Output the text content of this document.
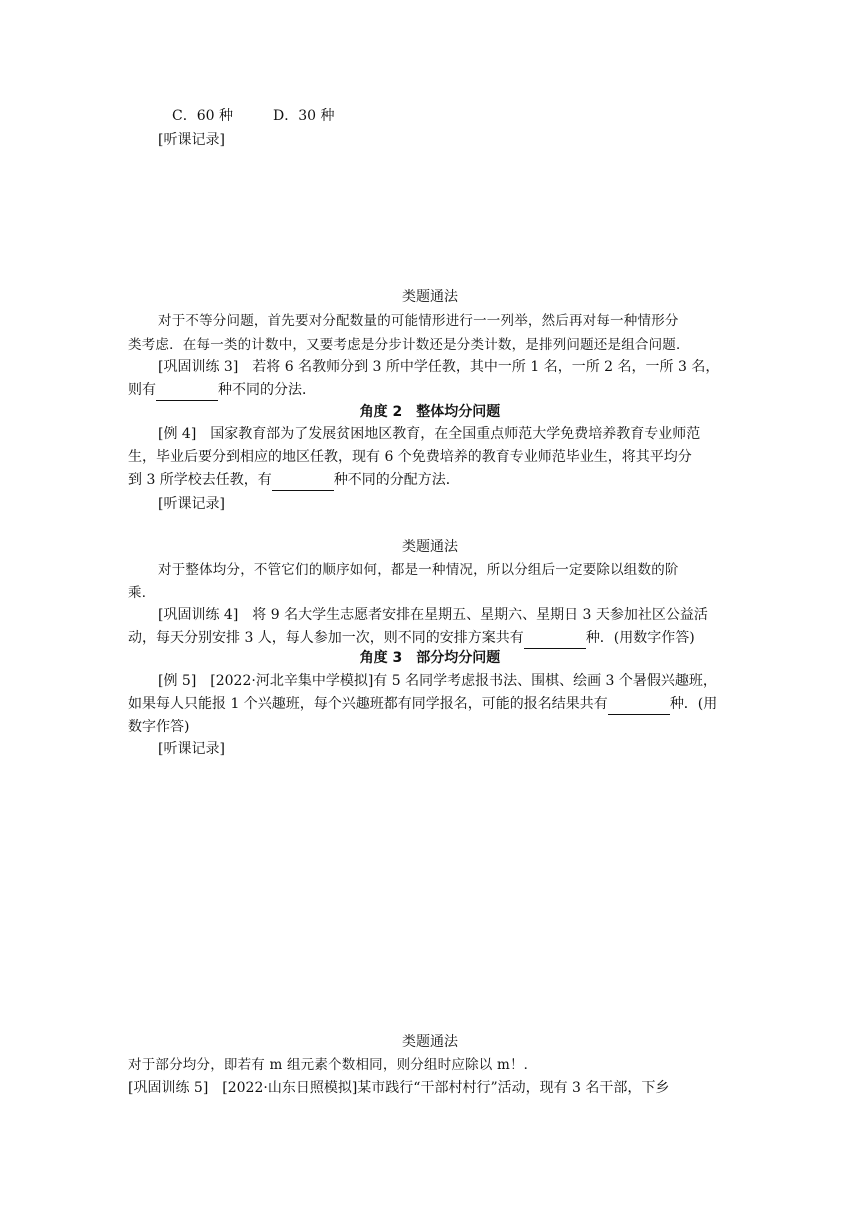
C．60 种	D．30 种
[听课记录]
类题通法
对于不等分问题，首先要对分配数量的可能情形进行一一列举，然后再对每一种情形分
类考虑．在每一类的计数中，又要考虑是分步计数还是分类计数，是排列问题还是组合问题．
[巩固训练 3]　若将 6 名教师分到 3 所中学任教，其中一所 1 名，一所 2 名，一所 3 名，
则有	种不同的分法．
角度 2　整体均分问题
[例 4]　国家教育部为了发展贫困地区教育，在全国重点师范大学免费培养教育专业师范
生，毕业后要分到相应的地区任教，现有 6 个免费培养的教育专业师范毕业生，将其平均分
到 3 所学校去任教，有	种不同的分配方法．
[听课记录]
类题通法
对于整体均分，不管它们的顺序如何，都是一种情况，所以分组后一定要除以组数的阶
乘．
[巩固训练 4]　将 9 名大学生志愿者安排在星期五、星期六、星期日 3 天参加社区公益活
动，每天分别安排 3 人，每人参加一次，则不同的安排方案共有	种．(用数字作答)
角度 3　部分均分问题
[例 5]　[2022·河北辛集中学模拟]有 5 名同学考虑报书法、围棋、绘画 3 个暑假兴趣班，
如果每人只能报 1 个兴趣班，每个兴趣班都有同学报名，可能的报名结果共有	种．(用
数字作答)
[听课记录]
类题通法
对于部分均分，即若有 m 组元素个数相同，则分组时应除以 m！．
[巩固训练 5]　[2022·山东日照模拟]某市践行“干部村村行”活动，现有 3 名干部，下乡
